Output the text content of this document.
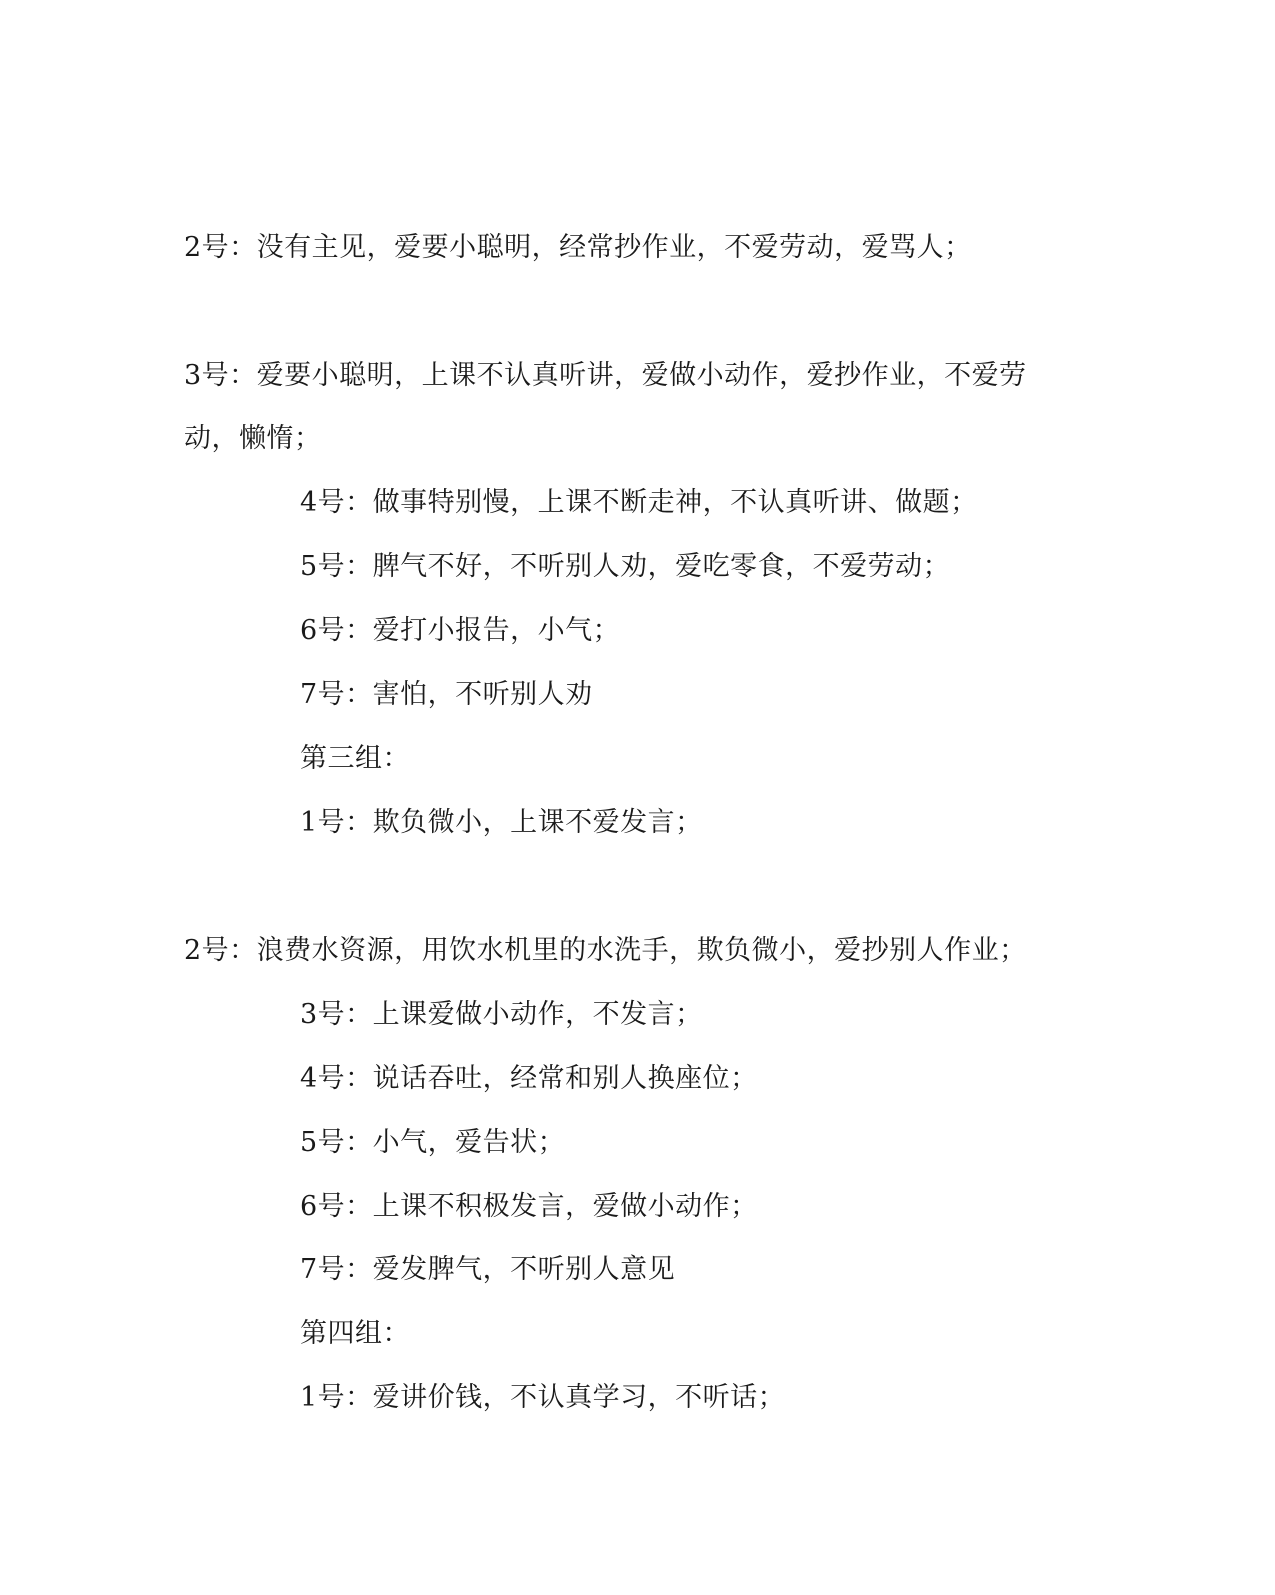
2号：没有主见，爱要小聪明，经常抄作业，不爱劳动，爱骂人；
3号：爱要小聪明，上课不认真听讲，爱做小动作，爱抄作业，不爱劳
动，懒惰；
4号：做事特别慢，上课不断走神，不认真听讲、做题；
5号：脾气不好，不听别人劝，爱吃零食，不爱劳动；
6号：爱打小报告，小气；
7号：害怕，不听别人劝
第三组：
1号：欺负微小，上课不爱发言；
2号：浪费水资源，用饮水机里的水洗手，欺负微小，爱抄别人作业；
3号：上课爱做小动作，不发言；
4号：说话吞吐，经常和别人换座位；
5号：小气，爱告状；
6号：上课不积极发言，爱做小动作；
7号：爱发脾气，不听别人意见
第四组：
1号：爱讲价钱，不认真学习，不听话；
